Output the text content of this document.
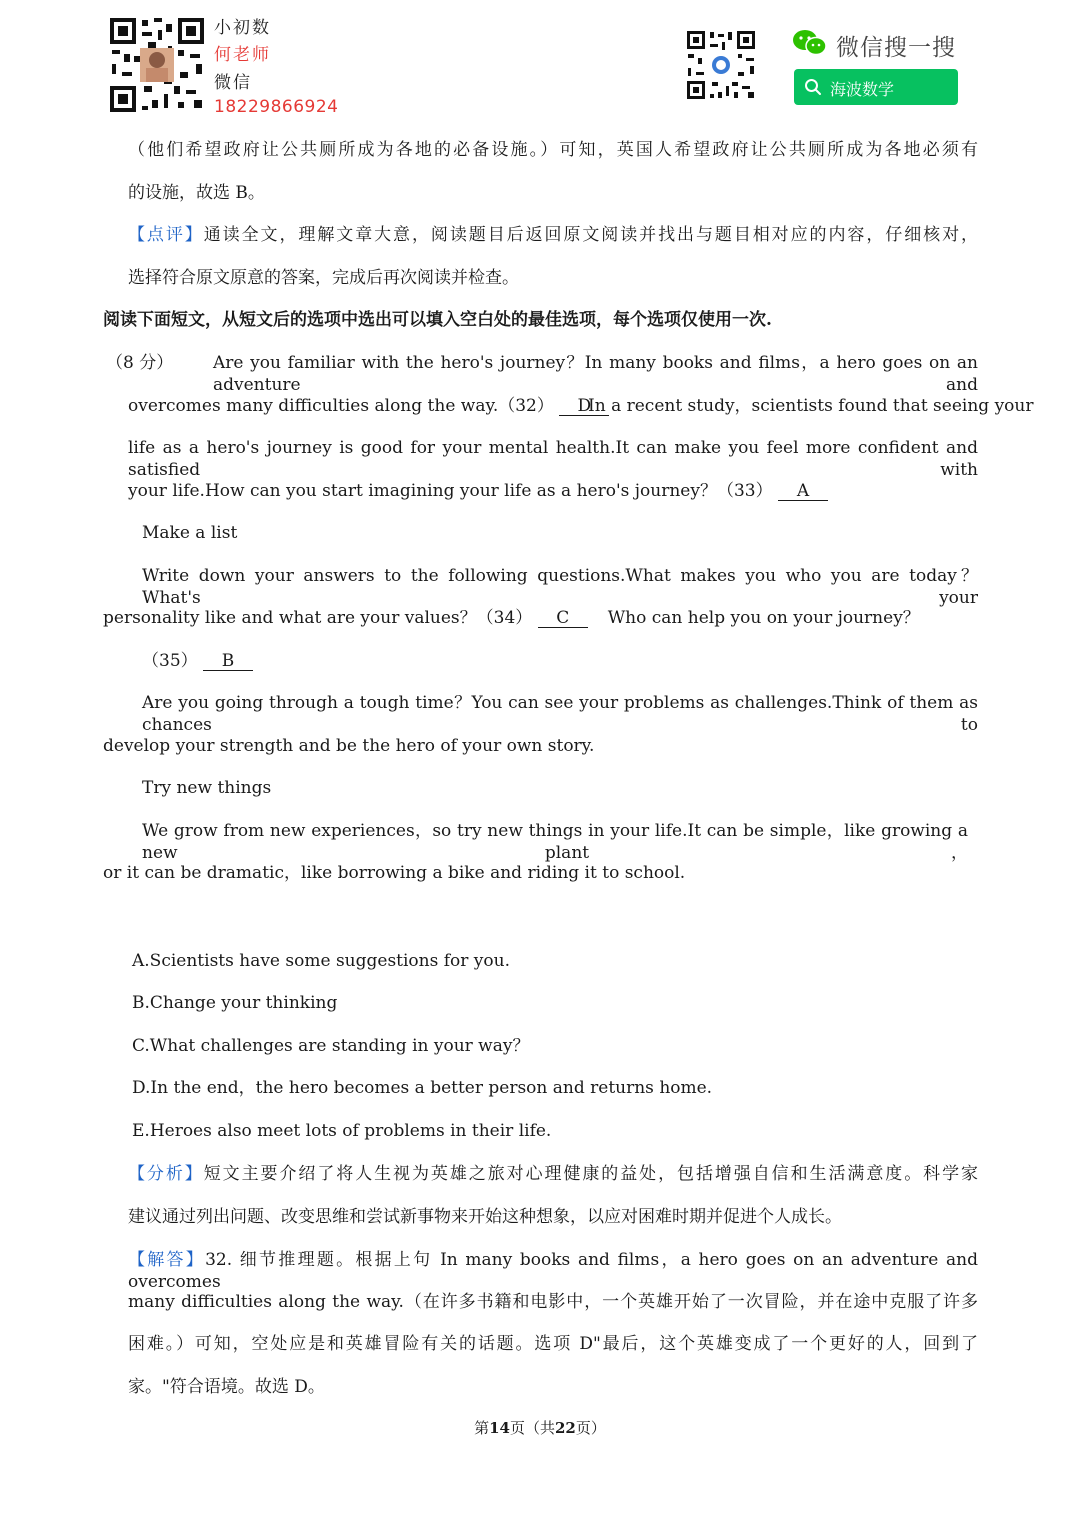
小初数
何老师
微信
18229866924
微信搜一搜
海波数学
（他们希望政府让公共厕所成为各地的必备设施。）可知，英国人希望政府让公共厕所成为各地必须有
的设施，故选 B。
【点评】通读全文，理解文章大意，阅读题目后返回原文阅读并找出与题目相对应的内容，仔细核对，
选择符合原文原意的答案，完成后再次阅读并检查。
阅读下面短文，从短文后的选项中选出可以填入空白处的最佳选项，每个选项仅使用一次.
（8 分） Are you familiar with the hero's journey？In many books and films，a hero goes on an adventure and
overcomes many difficulties along the way.（32） D
In a recent study，scientists found that seeing your
life as a hero's journey is good for your mental health.It can make you feel more confident and satisfied with
your life.How can you start imagining your life as a hero's journey？（33） A
Make a list
Write down your answers to the following questions.What makes you who you are today？What's your
personality like and what are your values？（34） C Who can help you on your journey？
（35） B
Are you going through a tough time？You can see your problems as challenges.Think of them as chances to
develop your strength and be the hero of your own story.
Try new things
We grow from new experiences，so try new things in your life.It can be simple，like growing a new plant，
or it can be dramatic，like borrowing a bike and riding it to school.
A.Scientists have some suggestions for you.
B.Change your thinking
C.What challenges are standing in your way？
D.In the end，the hero becomes a better person and returns home.
E.Heroes also meet lots of problems in their life.
【分析】短文主要介绍了将人生视为英雄之旅对心理健康的益处，包括增强自信和生活满意度。科学家
建议通过列出问题、改变思维和尝试新事物来开始这种想象，以应对困难时期并促进个人成长。
【解答】32. 细节推理题。根据上句 In many books and films，a hero goes on an adventure and overcomes
many difficulties along the way.（在许多书籍和电影中，一个英雄开始了一次冒险，并在途中克服了许多
困难。）可知，空处应是和英雄冒险有关的话题。选项 D"最后，这个英雄变成了一个更好的人，回到了
家。"符合语境。故选 D。
第14页（共22页）
